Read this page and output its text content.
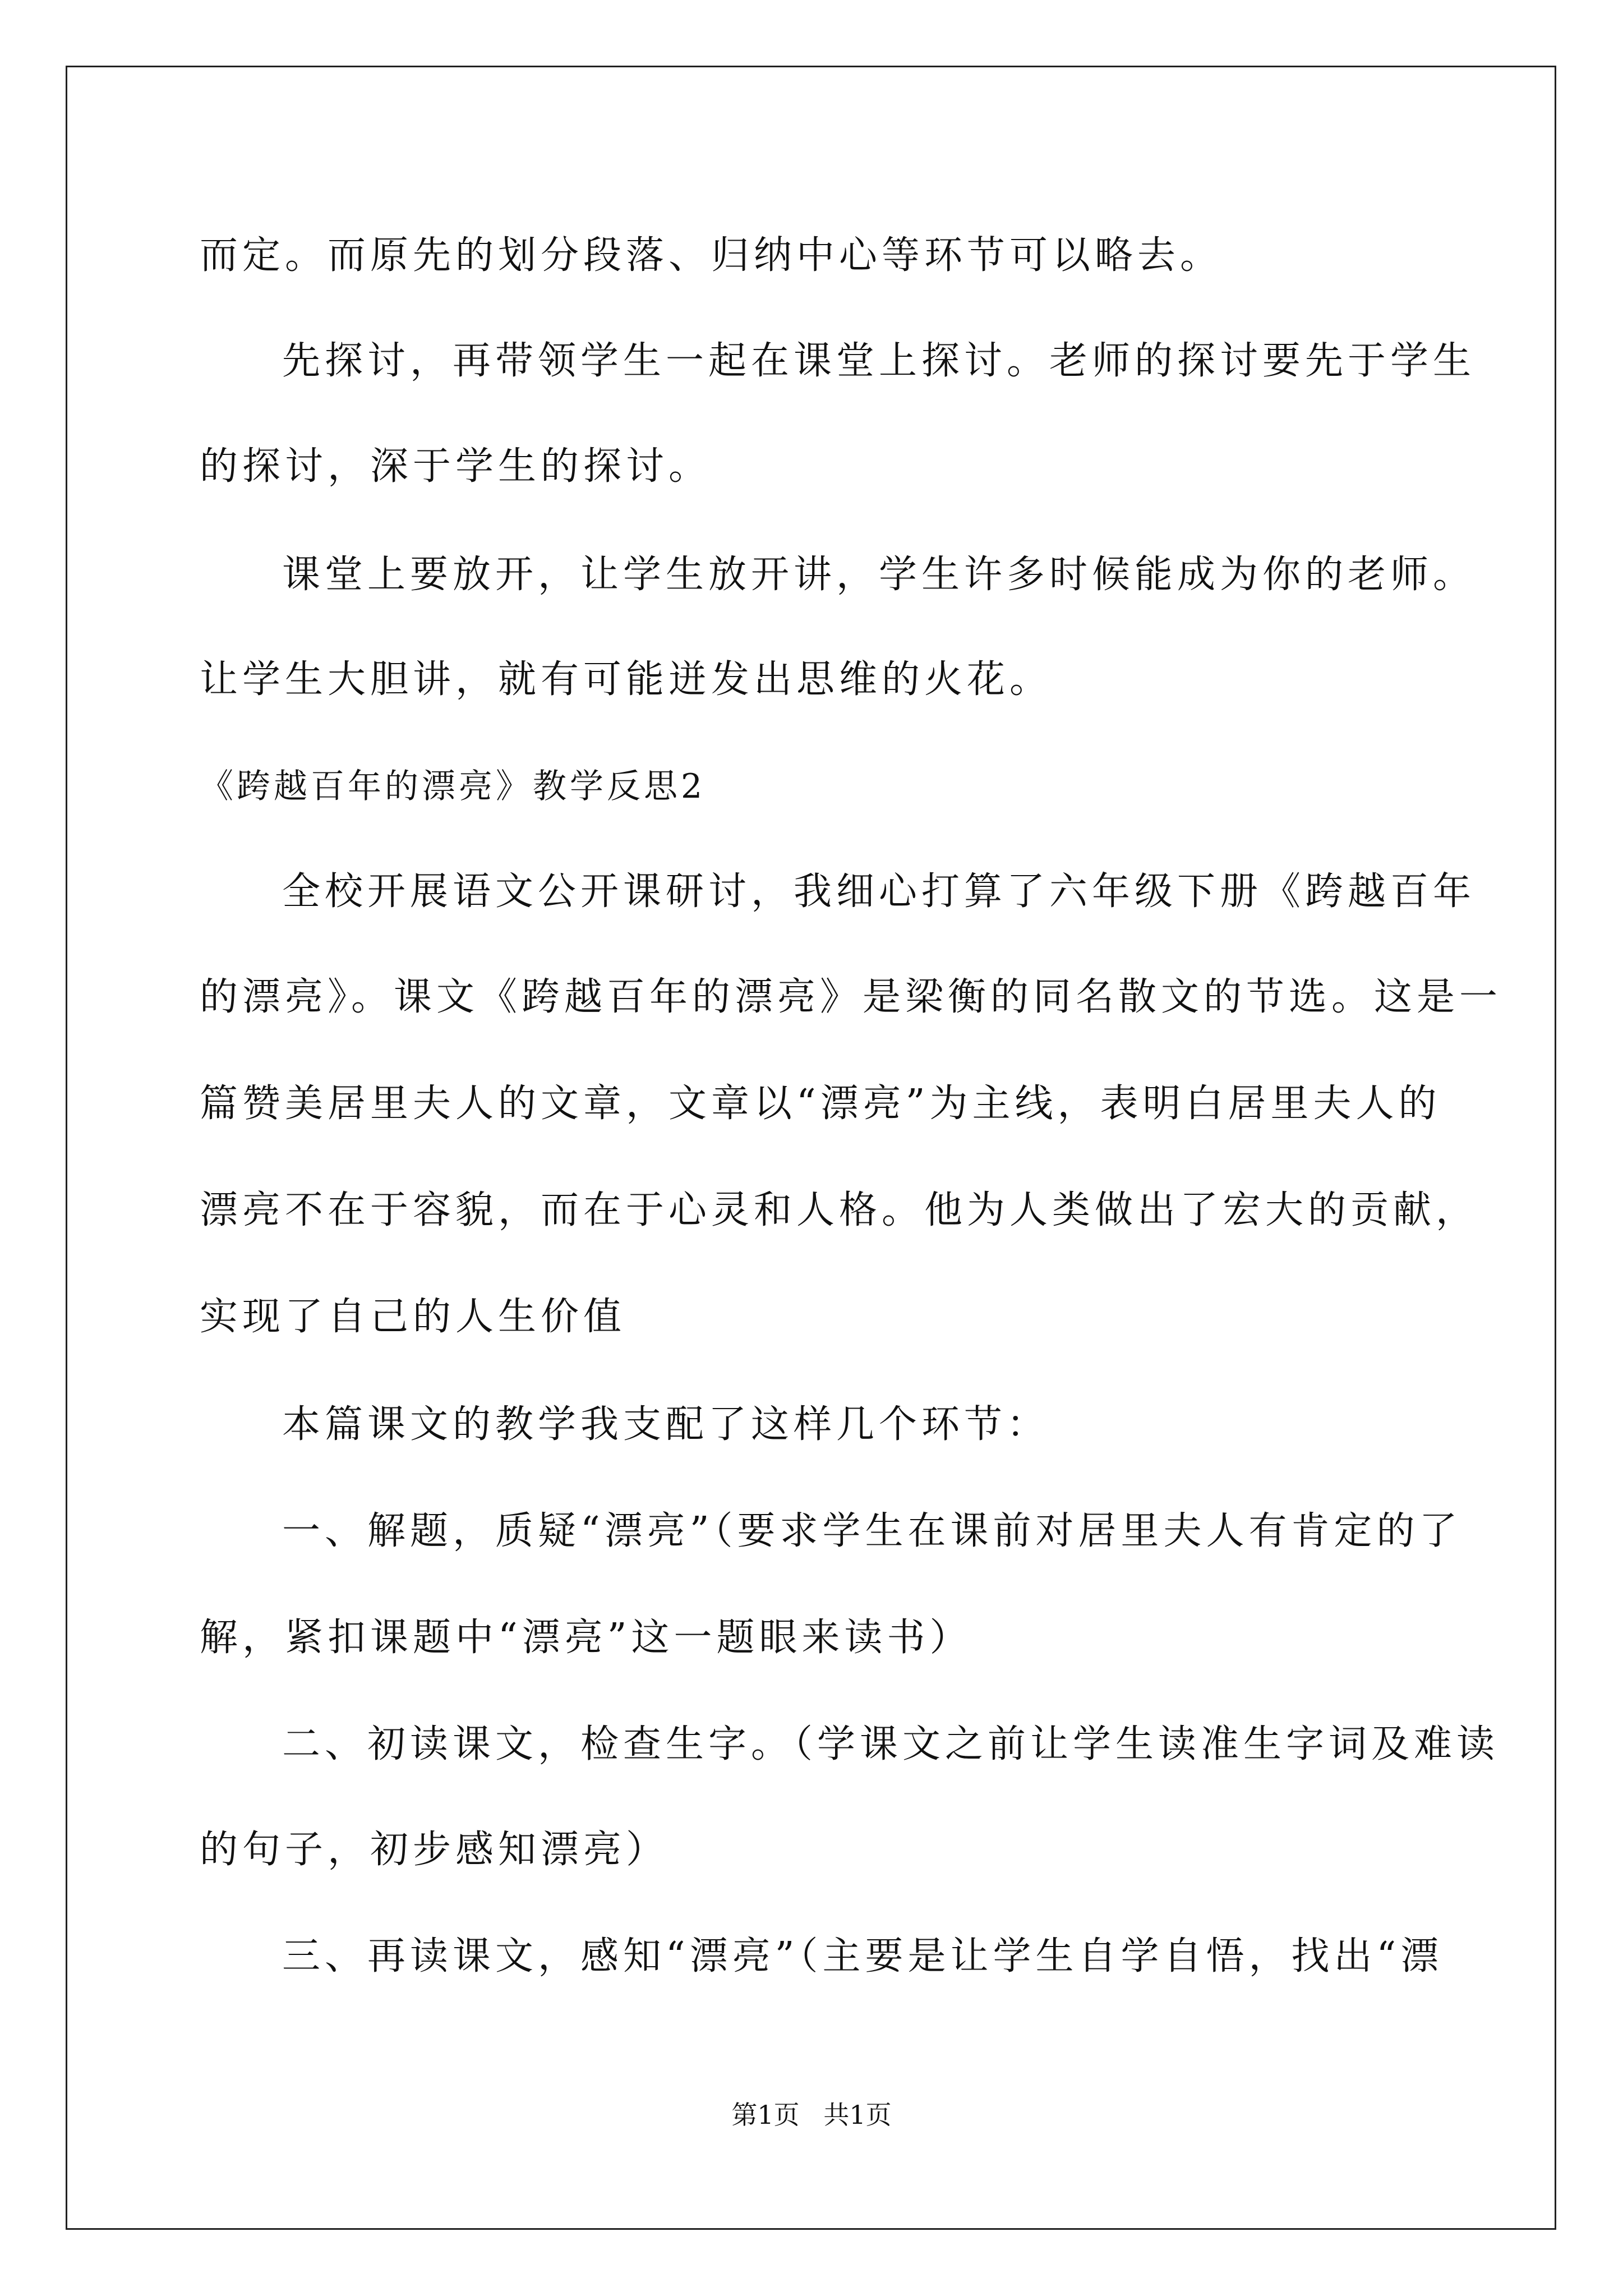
而定。而原先的划分段落、归纳中心等环节可以略去。
先探讨，再带领学生一起在课堂上探讨。老师的探讨要先于学生
的探讨，深于学生的探讨。
课堂上要放开，让学生放开讲，学生许多时候能成为你的老师。
让学生大胆讲，就有可能迸发出思维的火花。
《跨越百年的漂亮》教学反思2
全校开展语文公开课研讨，我细心打算了六年级下册《跨越百年
的漂亮》。课文《跨越百年的漂亮》是梁衡的同名散文的节选。这是一
篇赞美居里夫人的文章，文章以“漂亮”为主线，表明白居里夫人的
漂亮不在于容貌，而在于心灵和人格。他为人类做出了宏大的贡献，
实现了自己的人生价值
本篇课文的教学我支配了这样几个环节：
一、解题，质疑“漂亮”（要求学生在课前对居里夫人有肯定的了
解，紧扣课题中“漂亮”这一题眼来读书）
二、初读课文，检查生字。（学课文之前让学生读准生字词及难读
的句子，初步感知漂亮）
三、再读课文，感知“漂亮”（主要是让学生自学自悟，找出“漂
第1页 共1页
